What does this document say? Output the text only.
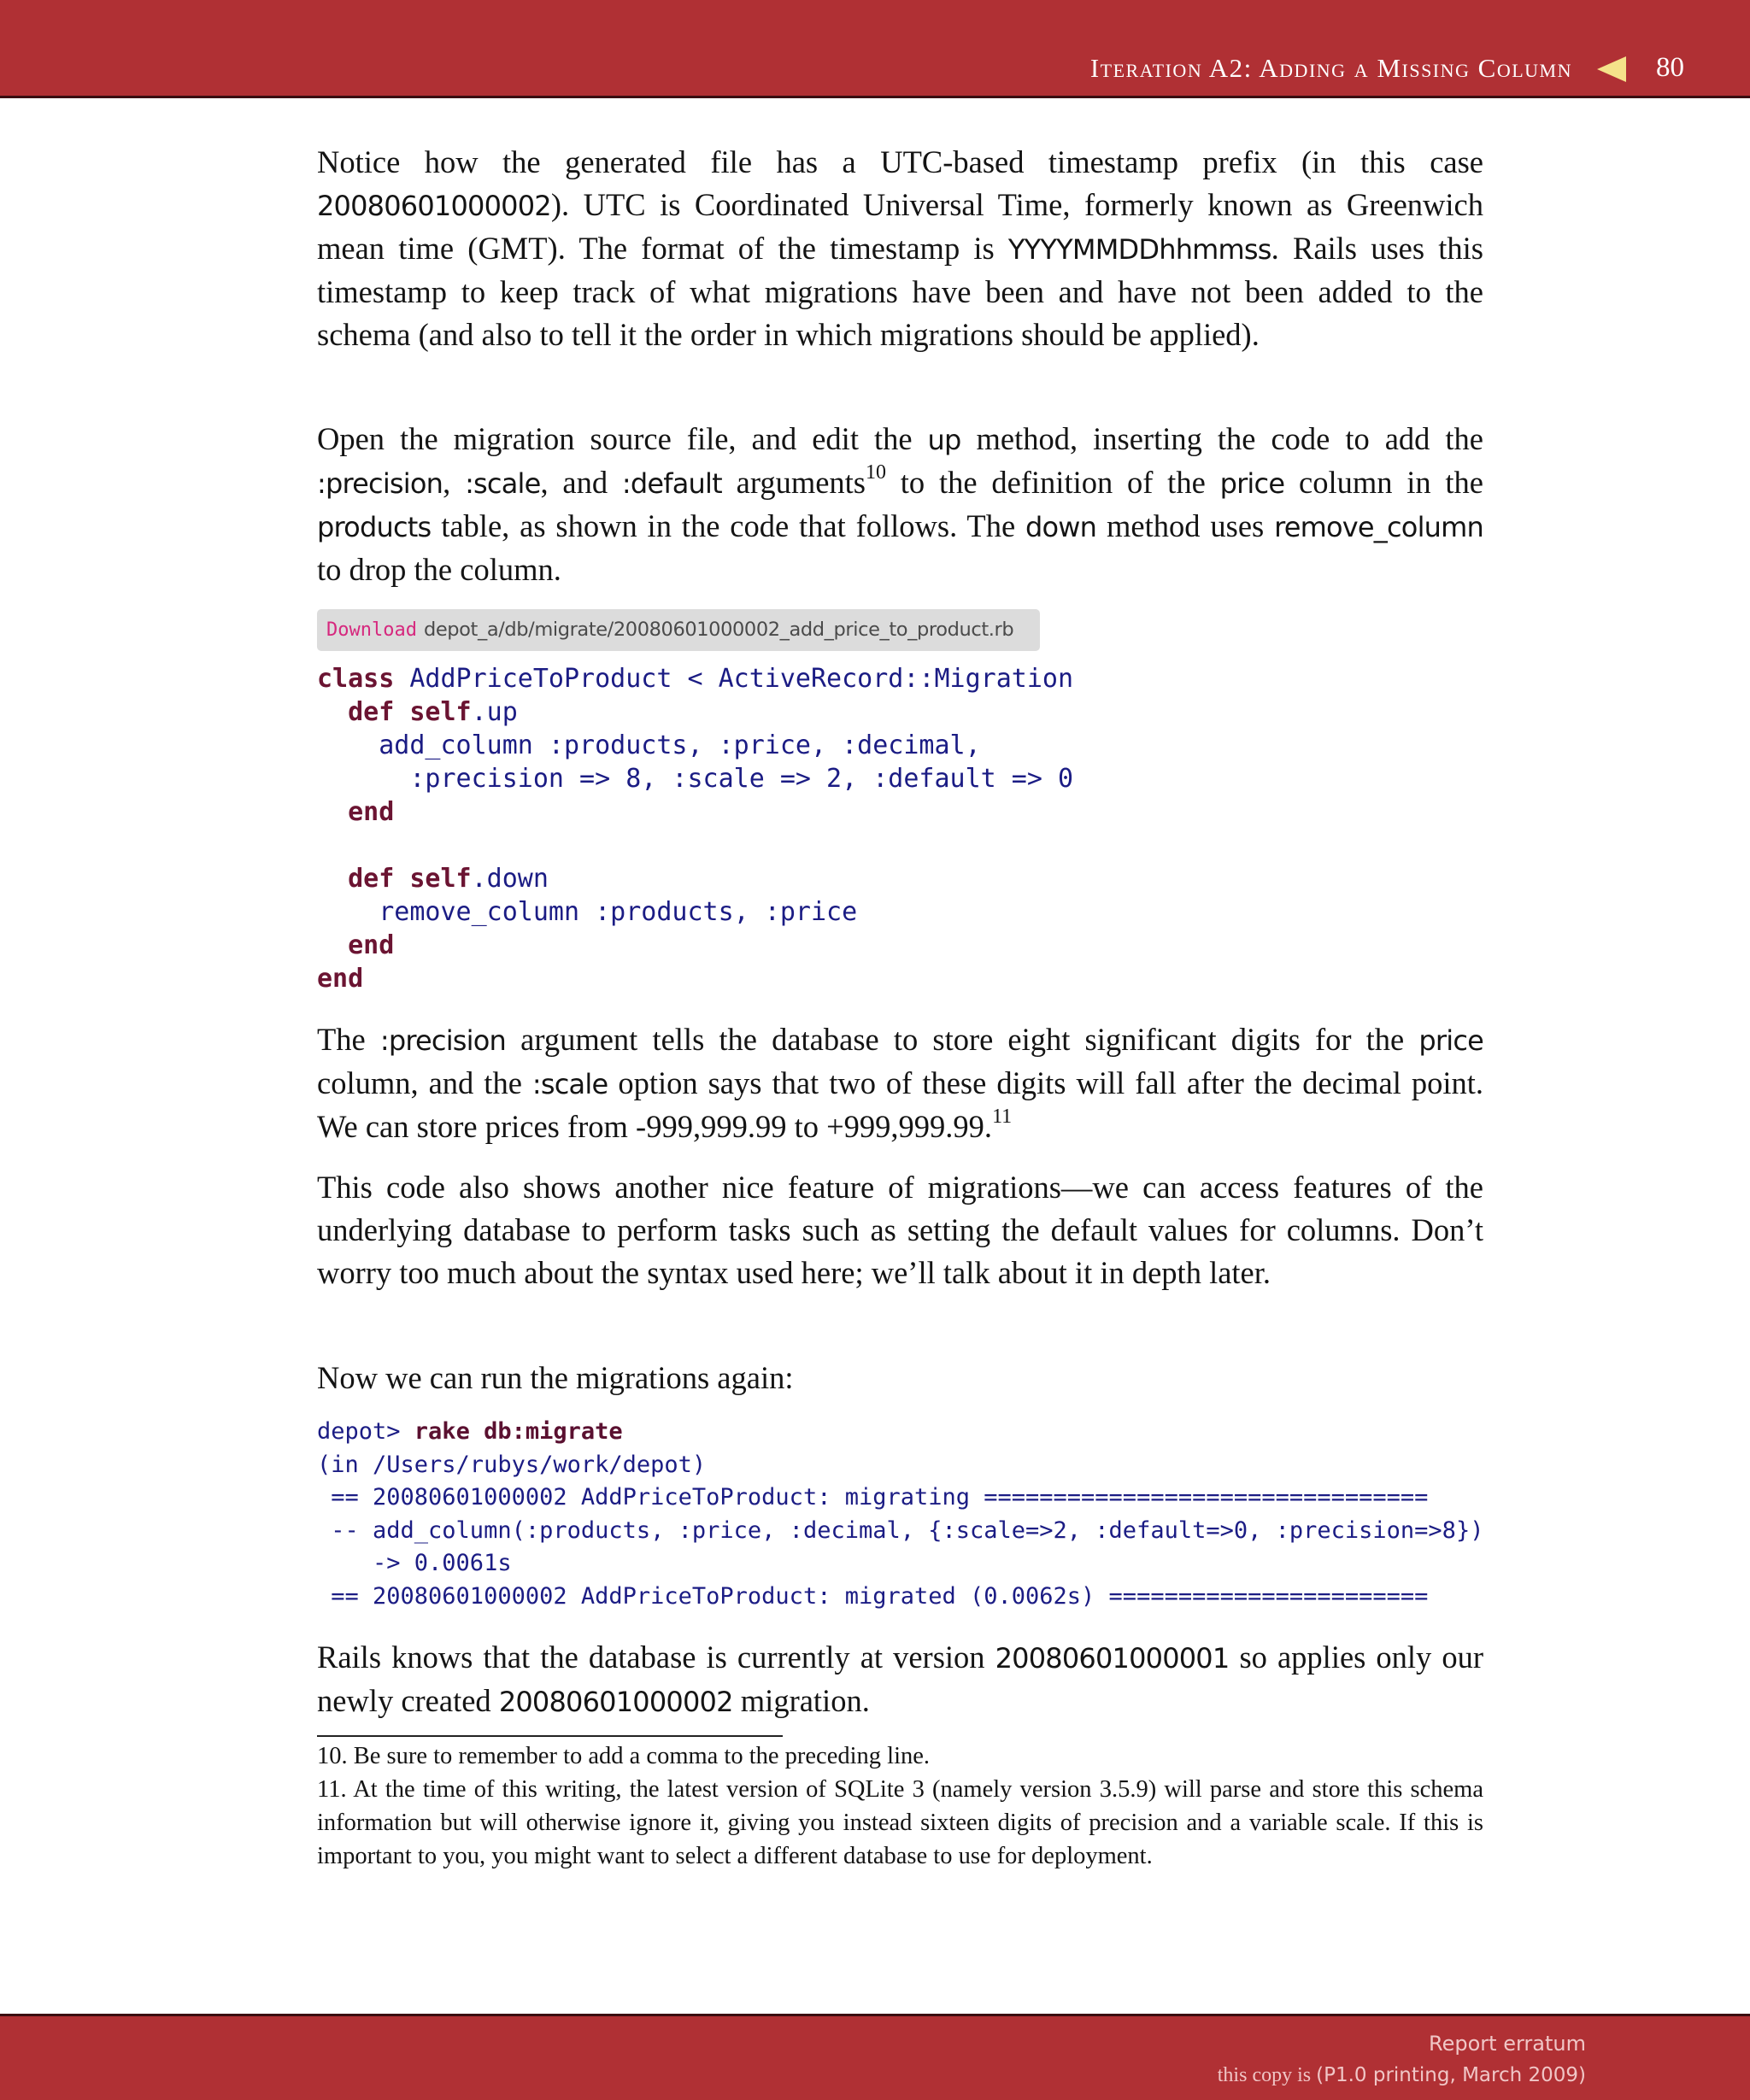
Iteration A2: Adding a Missing Column	80

Notice how the generated file has a UTC-based timestamp prefix (in this case 20080601000002). UTC is Coordinated Universal Time, formerly known as Greenwich mean time (GMT). The format of the timestamp is YYYYMMDDhhmmss. Rails uses this timestamp to keep track of what migrations have been and have not been added to the schema (and also to tell it the order in which migrations should be applied).

Open the migration source file, and edit the up method, inserting the code to add the :precision, :scale, and :default arguments$^{10}$ to the definition of the price column in the products table, as shown in the code that follows. The down method uses remove_column to drop the column.

Download depot_a/db/migrate/20080601000002_add_price_to_product.rb
class AddPriceToProduct < ActiveRecord::Migration
def self.up
add_column :products, :price, :decimal,
:precision => 8, :scale => 2, :default => 0
end

def self.down
remove_column :products, :price
end
end

The :precision argument tells the database to store eight significant digits for the price column, and the :scale option says that two of these digits will fall after the decimal point. We can store prices from -999,999.99 to +999,999.99.11

This code also shows another nice feature of migrations—we can access features of the underlying database to perform tasks such as setting the default values for columns. Don’t worry too much about the syntax used here; we’ll talk about it in depth later.

Now we can run the migrations again:

depot> rake db:migrate
(in /Users/rubys/work/depot)
== 20080601000002 AddPriceToProduct: migrating ================================
-- add_column(:products, :price, :decimal, {:scale=>2, :default=>0, :precision=>8})
-> 0.0061s
== 20080601000002 AddPriceToProduct: migrated (0.0062s) =======================

Rails knows that the database is currently at version 20080601000001 so applies only our newly created 20080601000002 migration.

10. Be sure to remember to add a comma to the preceding line.

11. At the time of this writing, the latest version of SQLite 3 (namely version 3.5.9) will parse and store this schema information but will otherwise ignore it, giving you instead sixteen digits of precision and a variable scale. If this is important to you, you might want to select a different database to use for deployment.

Report erratum
this copy is (P1.0 printing, March 2009)
